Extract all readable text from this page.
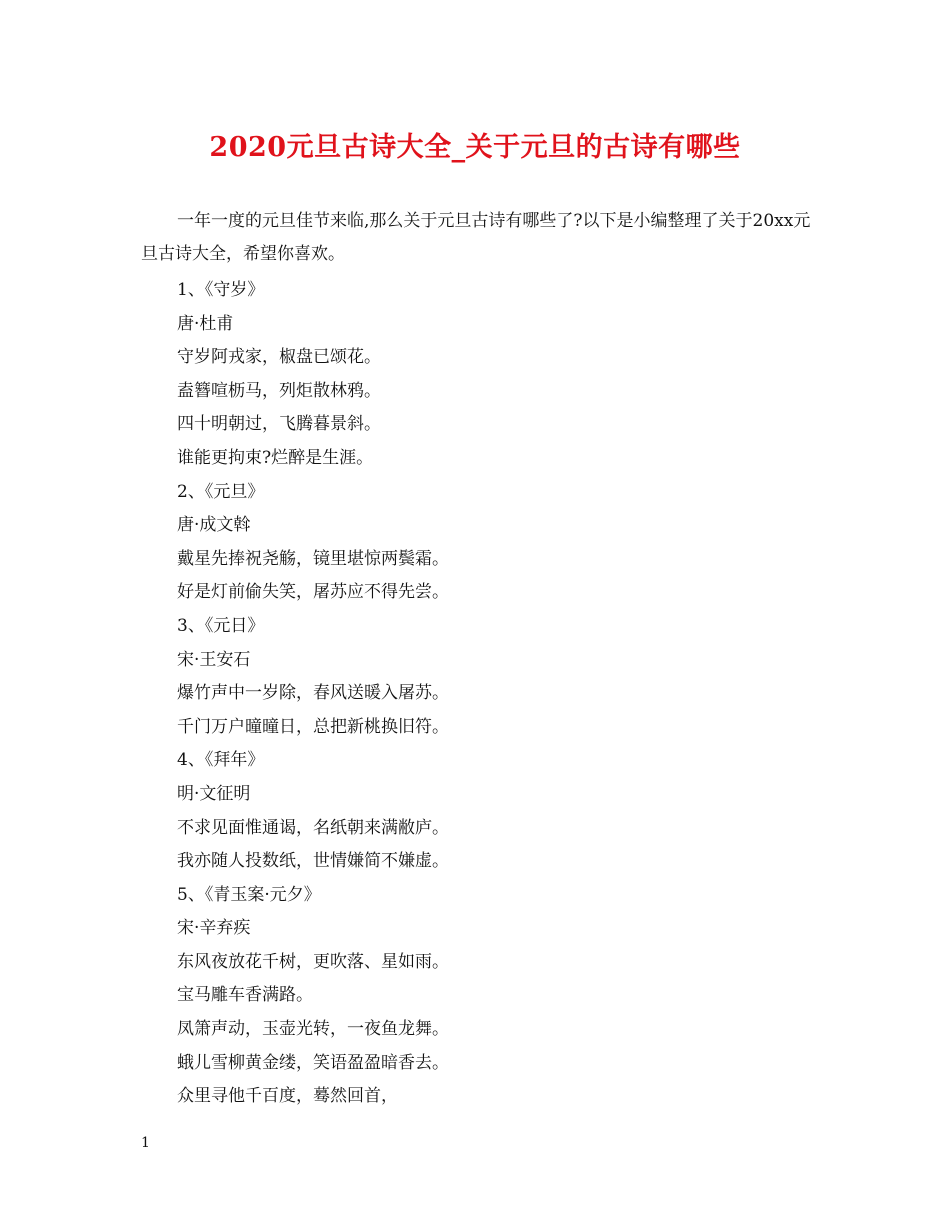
2020元旦古诗大全_关于元旦的古诗有哪些
一年一度的元旦佳节来临,那么关于元旦古诗有哪些了?以下是小编整理了关于20xx元旦古诗大全，希望你喜欢。
1、《守岁》
唐·杜甫
守岁阿戎家，椒盘已颂花。
盍簪喧枥马，列炬散林鸦。
四十明朝过，飞腾暮景斜。
谁能更拘束?烂醉是生涯。
2、《元旦》
唐·成文斡
戴星先捧祝尧觞，镜里堪惊两鬓霜。
好是灯前偷失笑，屠苏应不得先尝。
3、《元日》
宋·王安石
爆竹声中一岁除，春风送暖入屠苏。
千门万户曈曈日，总把新桃换旧符。
4、《拜年》
明·文征明
不求见面惟通谒，名纸朝来满敝庐。
我亦随人投数纸，世情嫌简不嫌虚。
5、《青玉案·元夕》
宋·辛弃疾
东风夜放花千树，更吹落、星如雨。
宝马雕车香满路。
凤箫声动，玉壶光转，一夜鱼龙舞。
蛾儿雪柳黄金缕，笑语盈盈暗香去。
众里寻他千百度，蓦然回首，
1
